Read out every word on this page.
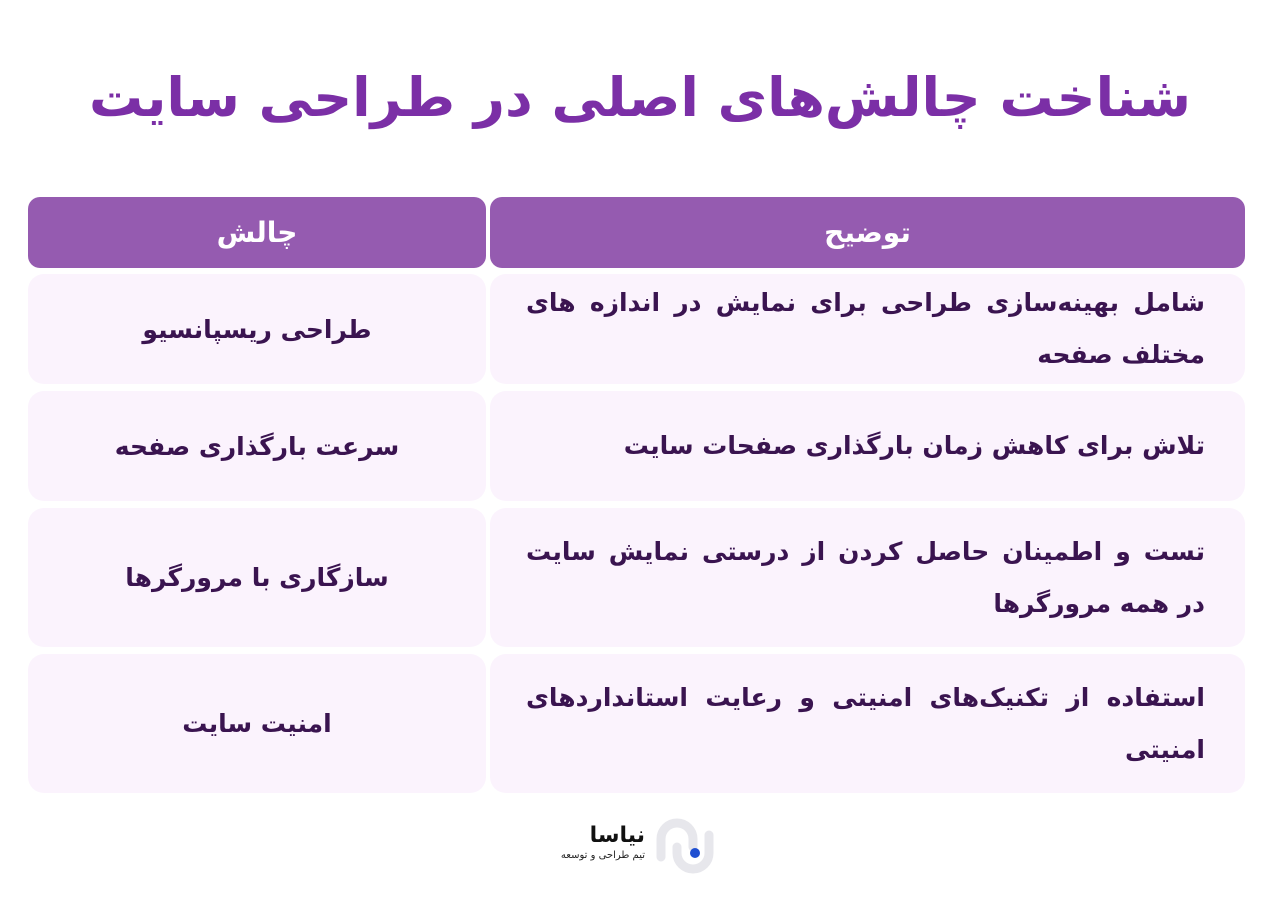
شناخت چالش‌های اصلی در طراحی سایت
توضیح
چالش
شامل بهینه‌سازی طراحی برای نمایش در اندازه های مختلف صفحه
طراحی ریسپانسیو
تلاش برای کاهش زمان بارگذاری صفحات سایت
سرعت بارگذاری صفحه
تست و اطمینان حاصل کردن از درستی نمایش سایت در همه مرورگرها
سازگاری با مرورگرها
استفاده از تکنیک‌های امنیتی و رعایت استانداردهای امنیتی
امنیت سایت
نیاسا
تیم طراحی و توسعه
